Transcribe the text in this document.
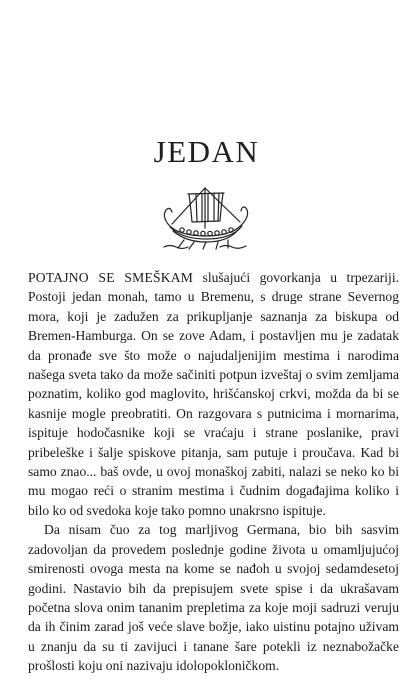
JEDAN

POTAJNO SE SMEŠKAM slušajući govorkanja u trpezariji. Postoji jedan monah, tamo u Bremenu, s druge strane Severnog mora, koji je zadužen za prikupljanje saznanja za biskupa od Bremen-Hamburga. On se zove Adam, i postavljen mu je zadatak da pronađe sve što može o najudaljenijim mestima i narodima našega sveta tako da može sačiniti potpun izveštaj o svim zemljama poznatim, koliko god maglovito, hrišćanskoj crkvi, možda da bi se kasnije mogle preobratiti. On razgovara s putnicima i mornarima, ispituje hodočasnike koji se vraćaju i strane poslanike, pravi pribeleške i šalje spiskove pitanja, sam putuje i proučava. Kad bi samo znao... baš ovde, u ovoj monaškoj zabiti, nalazi se neko ko bi mu mogao reći o stranim mestima i čudnim događajima koliko i bilo ko od svedoka koje tako pomno unakrsno ispituje.

Da nisam čuo za tog marljivog Germana, bio bih sasvim zadovoljan da provedem poslednje godine života u omamljujućoj smirenosti ovoga mesta na kome se nađoh u svojoj sedamdesetoj godini. Nastavio bih da prepisujem svete spise i da ukrašavam početna slova onim tananim prepletima za koje moji sadruzi veruju da ih činim zarad još veće slave božje, iako uistinu potajno uživam u znanju da su ti zavijuci i tanane šare potekli iz neznabožačke prošlosti koju oni nazivaju idolopokloničkom.
